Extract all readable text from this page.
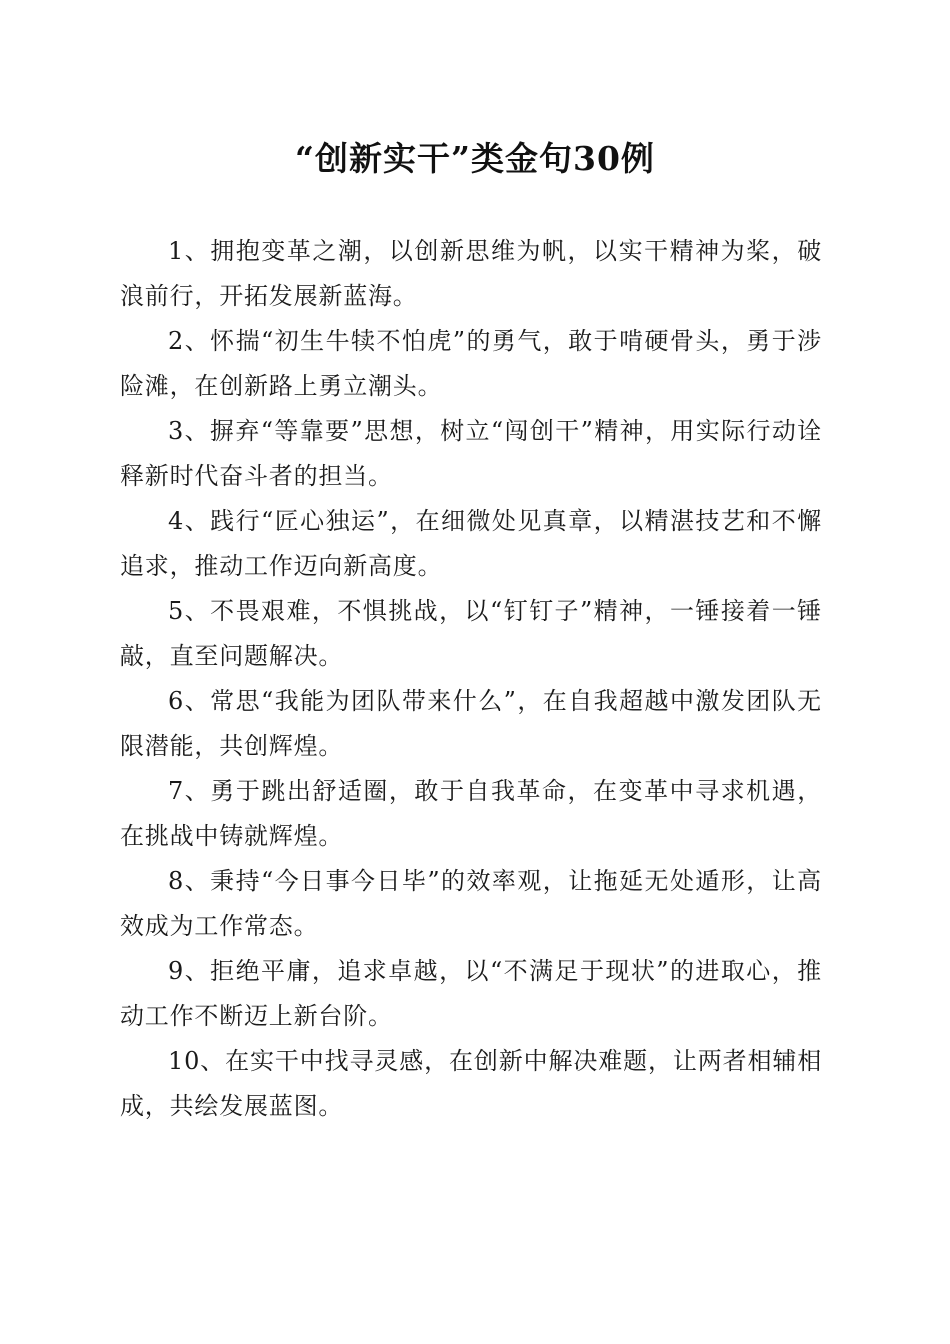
“创新实干”类金句30例

1、拥抱变革之潮，以创新思维为帆，以实干精神为桨，破浪前行，开拓发展新蓝海。

2、怀揣“初生牛犊不怕虎”的勇气，敢于啃硬骨头，勇于涉险滩，在创新路上勇立潮头。

3、摒弃“等靠要”思想，树立“闯创干”精神，用实际行动诠释新时代奋斗者的担当。

4、践行“匠心独运”，在细微处见真章，以精湛技艺和不懈追求，推动工作迈向新高度。

5、不畏艰难，不惧挑战，以“钉钉子”精神，一锤接着一锤敲，直至问题解决。

6、常思“我能为团队带来什么”，在自我超越中激发团队无限潜能，共创辉煌。

7、勇于跳出舒适圈，敢于自我革命，在变革中寻求机遇，在挑战中铸就辉煌。

8、秉持“今日事今日毕”的效率观，让拖延无处遁形，让高效成为工作常态。

9、拒绝平庸，追求卓越，以“不满足于现状”的进取心，推动工作不断迈上新台阶。

10、在实干中找寻灵感，在创新中解决难题，让两者相辅相成，共绘发展蓝图。
